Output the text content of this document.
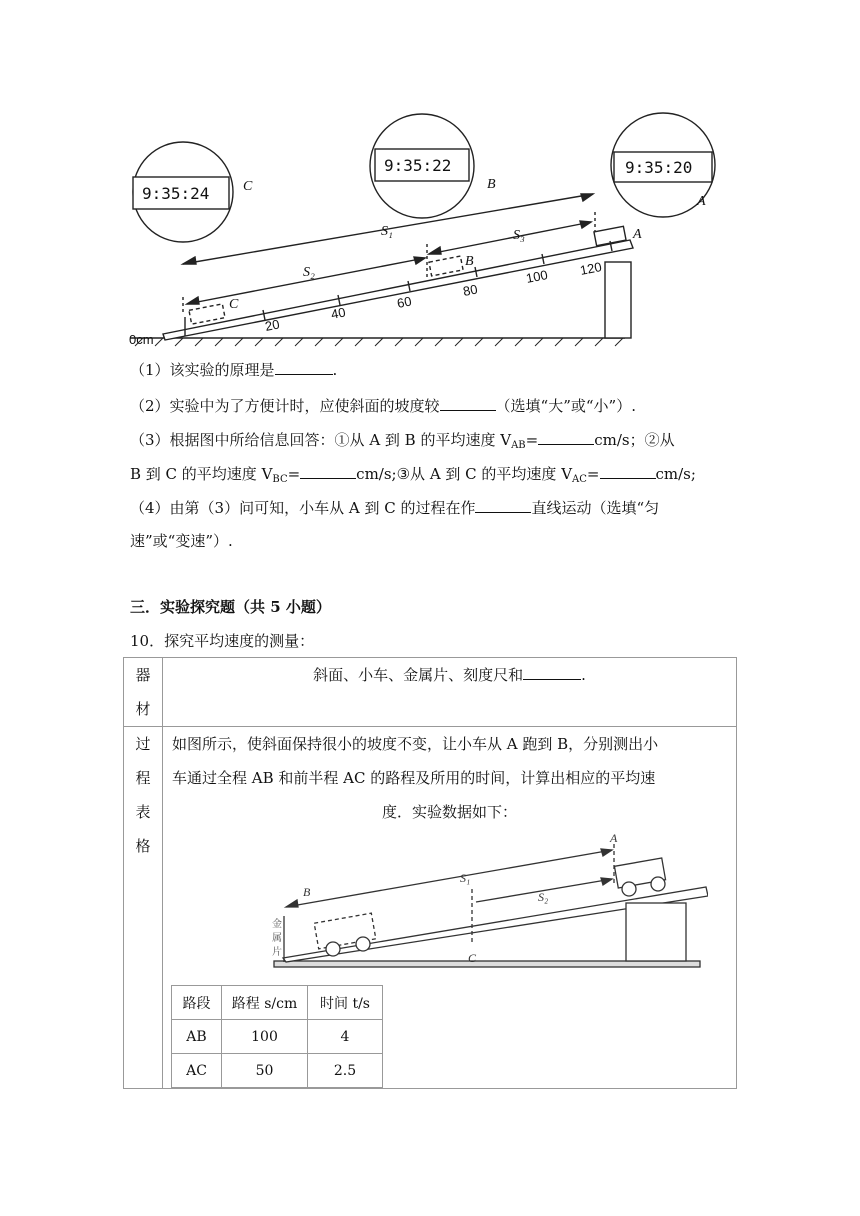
9:35:24
9:35:22	9:35:20
C	B
A
S₁	S₃
S₂
A
B
C
0cm
20
40
60
80
100 120
（1）该实验的原理是	.
（2）实验中为了方便计时，应使斜面的坡度较	（选填“大”或“小”）.
（3）根据图中所给信息回答：①从 A 到 B 的平均速度 $V_{AB}=$	cm/s；②从
B 到 C 的平均速度 $V_{BC}=$	cm/s;③从 A 到 C 的平均速度 $V_{AC}=$	cm/s;
（4）由第（3）问可知，小车从 A 到 C 的过程在作	直线运动（选填“匀
速”或“变速”）.
三．实验探究题（共 5 小题）
10．探究平均速度的测量：
器
材
	斜面、小车、金属片、刻度尺和	.

过
程
表
格

如图所示，使斜面保持很小的坡度不变，让小车从 A 跑到 B，分别测出小
车通过全程 AB 和前半程 AC 的路程及所用的时间，计算出相应的平均速
度．实验数据如下：
A
B
C
S₁
S₂
金
属
片
路段	路程 s/cm	时间 t/s
AB	100	4
AC	50	2.5
